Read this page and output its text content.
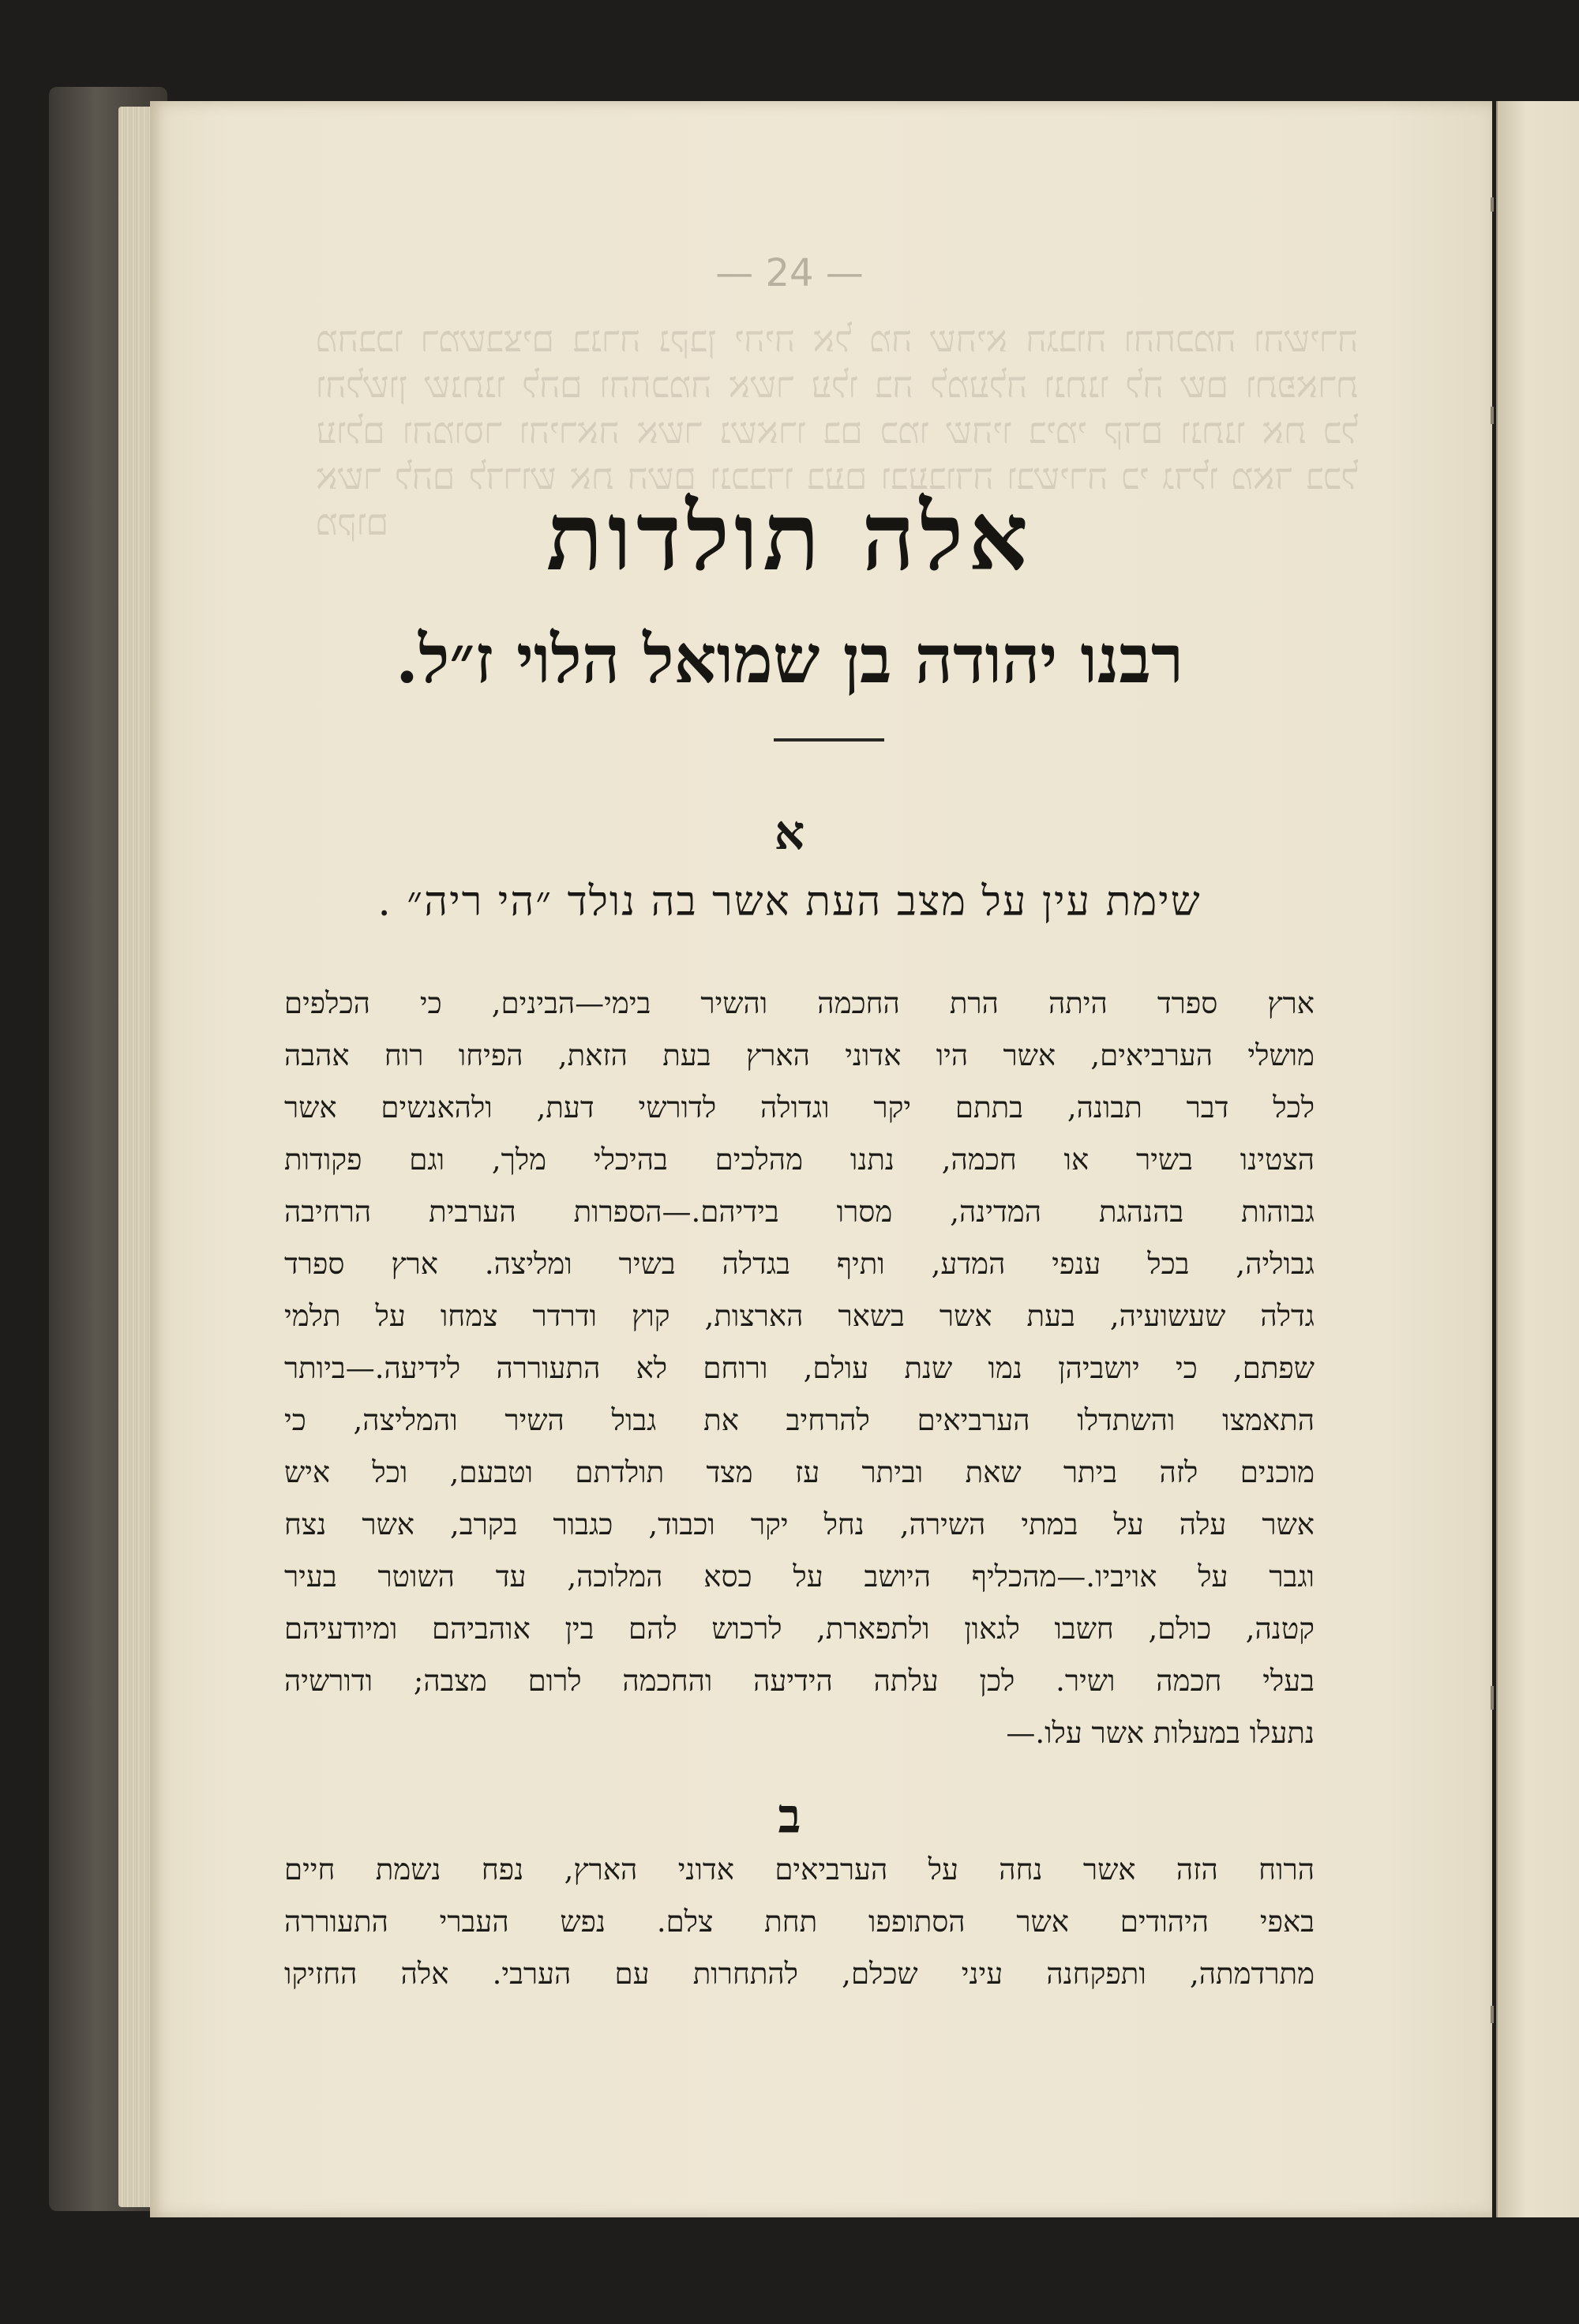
מהבכו רמשבצים בנרה נקבן יהיה אל מה שהיא הגבוה והחכמה והשירה והלשון שנתנו להם והחכמה אשר עלו בה למעלה ונתנו לה שם ותפארת עולם והמוסר והיראה אשר נשארו בם כמו שהיו בימי קדם ונתנו את כל אשר להם לדרוש את השם ונכבדו בעם ובעבודה ובשירה כי גדלו מאד בכל מקום
— 24 —
אלה תולדות
רבנו יהודה בן שמואל הלוי ז״ל.
א
שימת עין על מצב העת אשר בה נולד ״הי ריה״ .
ארץ ספרד היתה הרת החכמה והשיר בימי—הבינים, כי הכלפים
מושלי הערביאים, אשר היו אדוני הארץ בעת הזאת, הפיחו רוח אהבה
לכל דבר תבונה, בתתם יקר וגדולה לדורשי דעת, ולהאנשים אשר
הצטינו בשיר או חכמה, נתנו מהלכים בהיכלי מלך, וגם פקודות
גבוהות בהנהגת המדינה, מסרו בידיהם.—הספרות הערבית הרחיבה
גבוליה, בכל ענפי המדע, ותיף בגדלה בשיר ומליצה. ארץ ספרד
גדלה שעשועיה, בעת אשר בשאר הארצות, קוץ ודרדר צמחו על תלמי
שפתם, כי יושביהן נמו שנת עולם, ורוחם לא התעוררה לידיעה.—ביותר
התאמצו והשתדלו הערביאים להרחיב את גבול השיר והמליצה, כי
מוכנים לזה ביתר שאת וביתר עז מצד תולדתם וטבעם, וכל איש
אשר עלה על במתי השירה, נחל יקר וכבוד, כגבור בקרב, אשר נצח
וגבר על אויביו.—מהכליף היושב על כסא המלוכה, עד השוטר בעיר
קטנה, כולם, חשבו לגאון ולתפארת, לרכוש להם בין אוהביהם ומיודעיהם
בעלי חכמה ושיר. לכן עלתה הידיעה והחכמה לרום מצבה; ודורשיה
נתעלו במעלות אשר עלו.—
ב
הרוח הזה אשר נחה על הערביאים אדוני הארץ, נפח נשמת חיים
באפי היהודים אשר הסתופפו תחת צלם. נפש העברי התעוררה
מתרדמתה, ותפקחנה עיני שכלם, להתחרות עם הערבי. אלה החזיקו
